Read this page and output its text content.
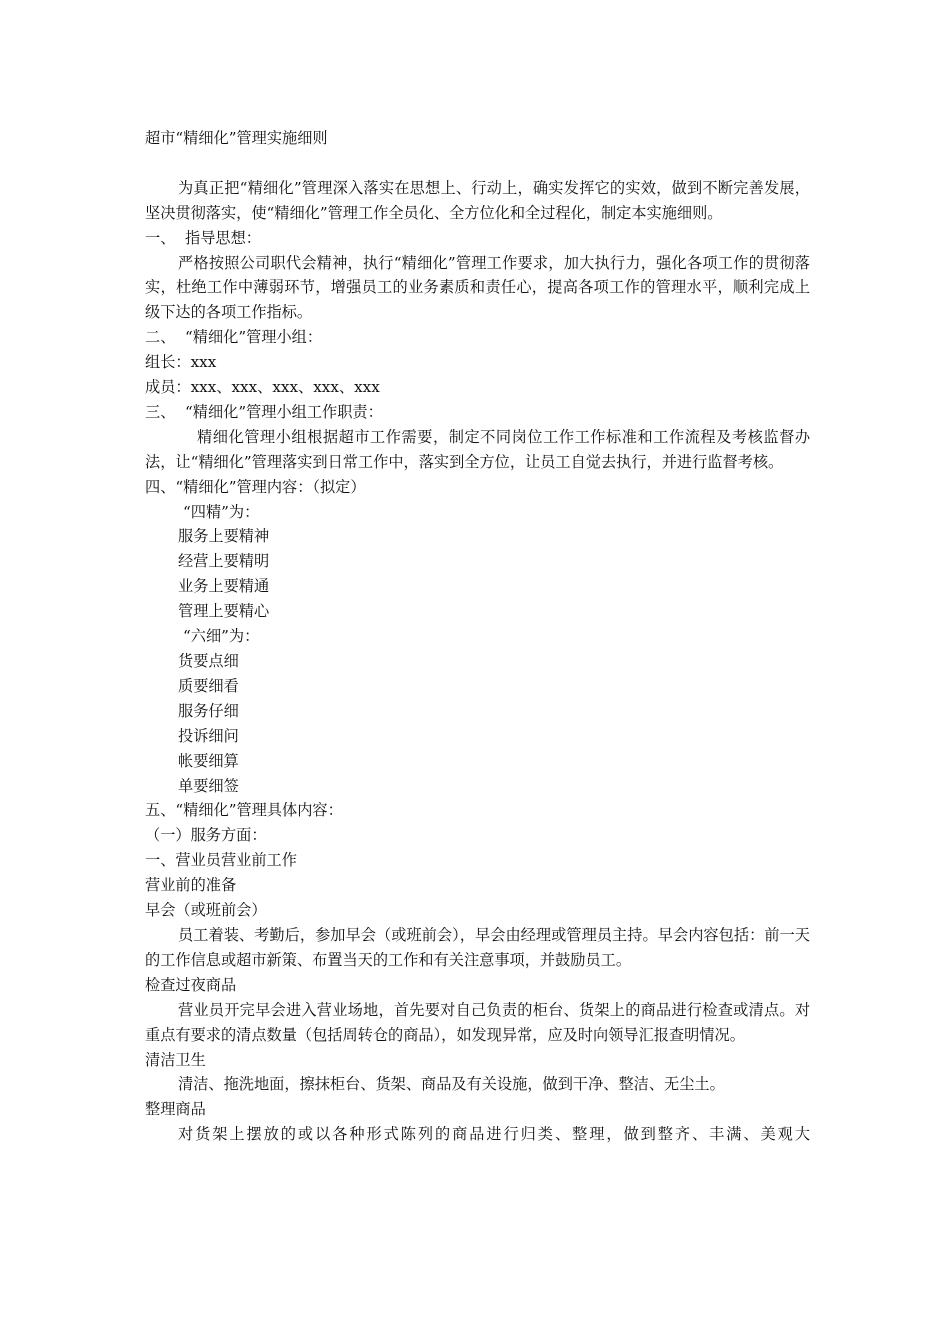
超市“精细化”管理实施细则

为真正把“精细化”管理深入落实在思想上、行动上，确实发挥它的实效，做到不断完善发展，坚决贯彻落实，使“精细化”管理工作全员化、全方位化和全过程化，制定本实施细则。

一、  指导思想：

严格按照公司职代会精神，执行“精细化”管理工作要求，加大执行力，强化各项工作的贯彻落实，杜绝工作中薄弱环节，增强员工的业务素质和责任心，提高各项工作的管理水平，顺利完成上级下达的各项工作指标。

二、  “精细化”管理小组：

组长：xxx

成员：xxx、xxx、xxx、xxx、xxx

三、  “精细化”管理小组工作职责：

精细化管理小组根据超市工作需要，制定不同岗位工作工作标准和工作流程及考核监督办法，让“精细化”管理落实到日常工作中，落实到全方位，让员工自觉去执行，并进行监督考核。

四、“精细化”管理内容：（拟定）

“四精”为：

服务上要精神

经营上要精明

业务上要精通

管理上要精心

“六细”为：

货要点细

质要细看

服务仔细

投诉细问

帐要细算

单要细签

五、“精细化”管理具体内容：

（一）服务方面：

一、营业员营业前工作

营业前的准备

早会（或班前会）

员工着装、考勤后，参加早会（或班前会），早会由经理或管理员主持。早会内容包括：前一天的工作信息或超市新策、布置当天的工作和有关注意事项，并鼓励员工。

检查过夜商品

营业员开完早会进入营业场地，首先要对自己负责的柜台、货架上的商品进行检查或清点。对重点有要求的清点数量（包括周转仓的商品），如发现异常，应及时向领导汇报查明情况。

清洁卫生

清洁、拖洗地面，擦抹柜台、货架、商品及有关设施，做到干净、整洁、无尘土。

整理商品

对货架上摆放的或以各种形式陈列的商品进行归类、整理，做到整齐、丰满、美观大
